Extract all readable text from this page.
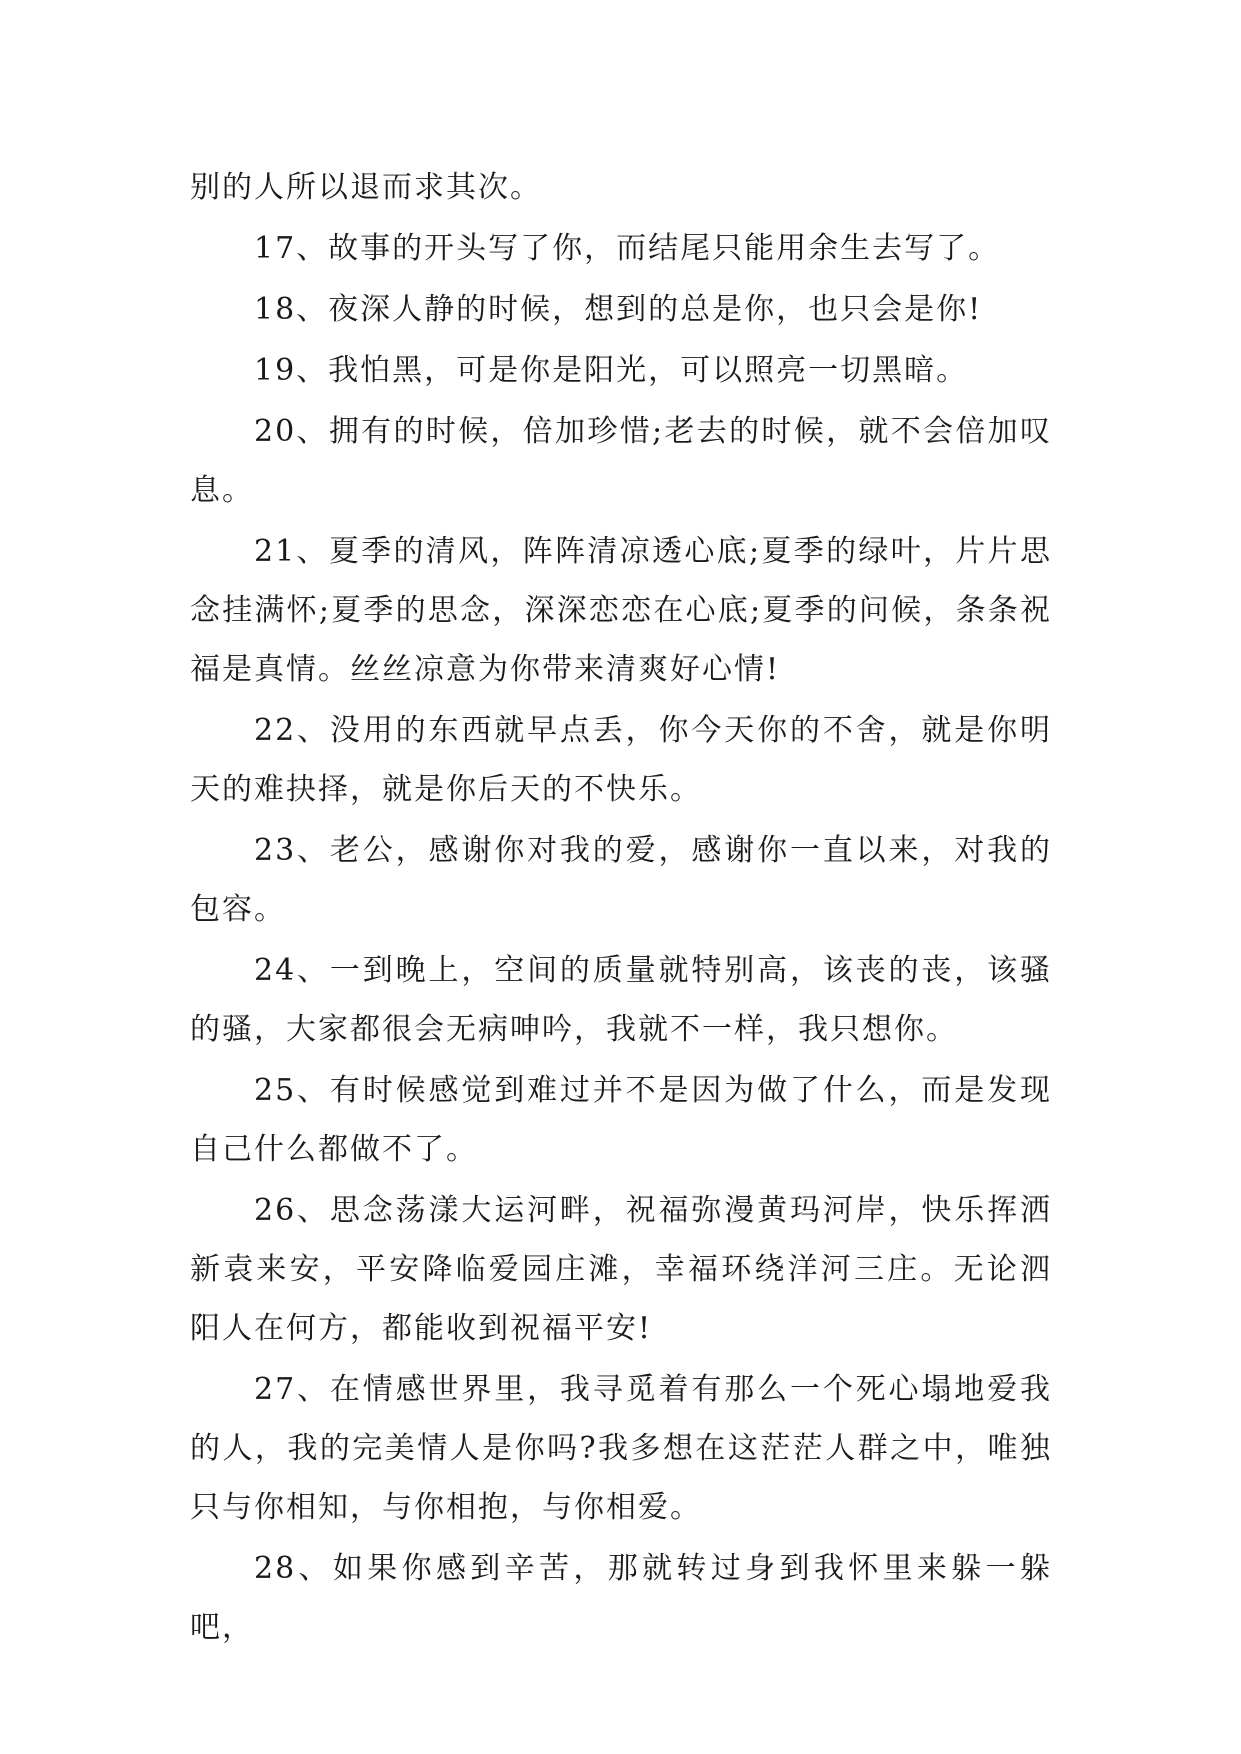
别的人所以退而求其次。

17、故事的开头写了你，而结尾只能用余生去写了。

18、夜深人静的时候，想到的总是你，也只会是你!

19、我怕黑，可是你是阳光，可以照亮一切黑暗。

20、拥有的时候，倍加珍惜;老去的时候，就不会倍加叹息。

21、夏季的清风，阵阵清凉透心底;夏季的绿叶，片片思念挂满怀;夏季的思念，深深恋恋在心底;夏季的问候，条条祝福是真情。丝丝凉意为你带来清爽好心情!

22、没用的东西就早点丢，你今天你的不舍，就是你明天的难抉择，就是你后天的不快乐。

23、老公，感谢你对我的爱，感谢你一直以来，对我的包容。

24、一到晚上，空间的质量就特别高，该丧的丧，该骚的骚，大家都很会无病呻吟，我就不一样，我只想你。

25、有时候感觉到难过并不是因为做了什么，而是发现自己什么都做不了。

26、思念荡漾大运河畔，祝福弥漫黄玛河岸，快乐挥洒新袁来安，平安降临爱园庄滩，幸福环绕洋河三庄。无论泗阳人在何方，都能收到祝福平安!

27、在情感世界里，我寻觅着有那么一个死心塌地爱我的人，我的完美情人是你吗?我多想在这茫茫人群之中，唯独只与你相知，与你相抱，与你相爱。

28、如果你感到辛苦，那就转过身到我怀里来躲一躲吧，
